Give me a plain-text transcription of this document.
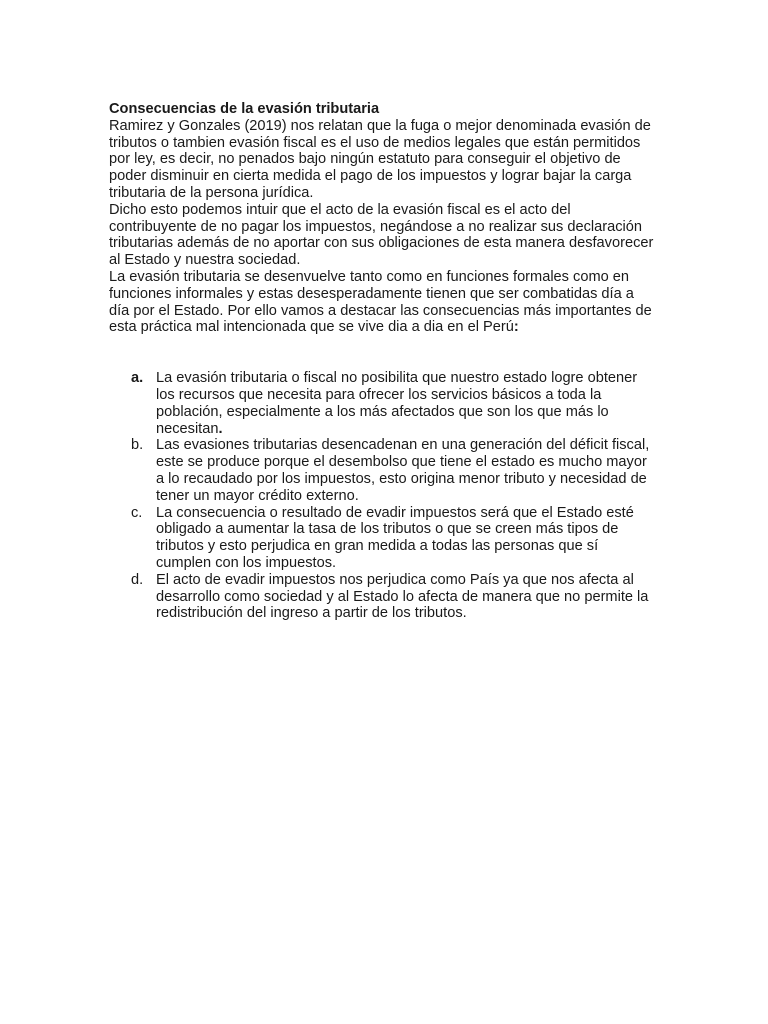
Consecuencias de la evasión tributaria

Ramirez y Gonzales (2019) nos relatan que la fuga o mejor denominada evasión de tributos o tambien evasión fiscal es el uso de medios legales que están permitidos por ley, es decir, no penados bajo ningún estatuto para conseguir el objetivo de poder disminuir en cierta medida el pago de los impuestos y lograr bajar la carga tributaria de la persona jurídica.

Dicho esto podemos intuir que el acto de la evasión fiscal es el acto del contribuyente de no pagar los impuestos, negándose a no realizar sus declaración tributarias además de no aportar con sus obligaciones de esta manera desfavorecer al Estado y nuestra sociedad.

La evasión tributaria se desenvuelve tanto como en funciones formales como en funciones informales y estas desesperadamente tienen que ser combatidas día a día por el Estado. Por ello vamos a destacar las consecuencias más importantes de esta práctica mal intencionada que se vive dia a dia en el Perú:

a. La evasión tributaria o fiscal no posibilita que nuestro estado logre obtener los recursos que necesita para ofrecer los servicios básicos a toda la población, especialmente a los más afectados que son los que más lo necesitan.
b. Las evasiones tributarias desencadenan en una generación del déficit fiscal, este se produce porque el desembolso que tiene el estado es mucho mayor a lo recaudado por los impuestos, esto origina menor tributo y necesidad de tener un mayor crédito externo.
c. La consecuencia o resultado de evadir impuestos será que el Estado esté obligado a aumentar la tasa de los tributos o que se creen más tipos de tributos y esto perjudica en gran medida a todas las personas que sí cumplen con los impuestos.
d. El acto de evadir impuestos nos perjudica como País ya que nos afecta al desarrollo como sociedad y al Estado lo afecta de manera que no permite la redistribución del ingreso a partir de los tributos.
